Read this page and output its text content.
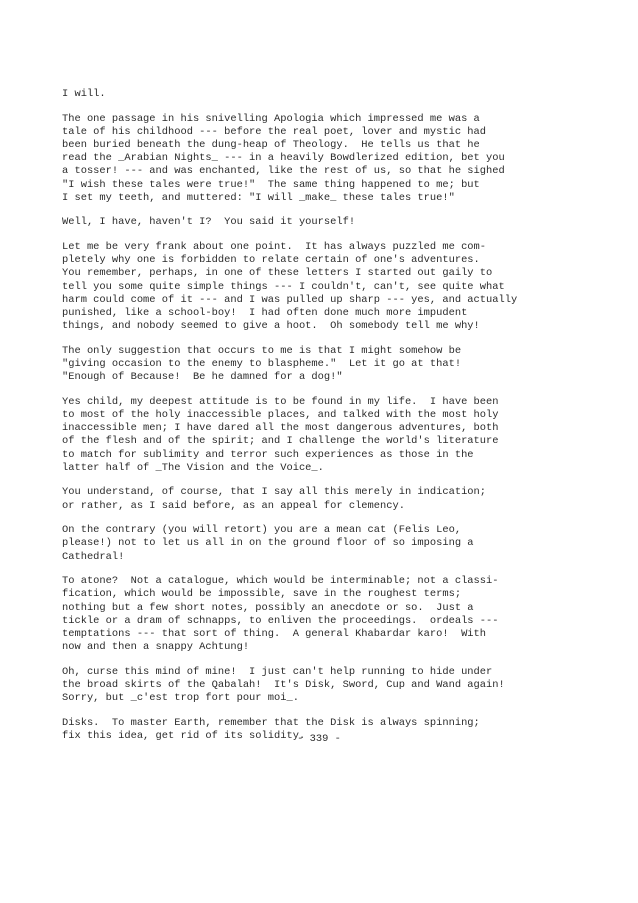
I will.
The one passage in his snivelling Apologia which impressed me was a
tale of his childhood --- before the real poet, lover and mystic had
been buried beneath the dung-heap of Theology.  He tells us that he
read the _Arabian Nights_ --- in a heavily Bowdlerized edition, bet you
a tosser! --- and was enchanted, like the rest of us, so that he sighed
"I wish these tales were true!"  The same thing happened to me; but
I set my teeth, and muttered: "I will _make_ these tales true!"
Well, I have, haven't I?  You said it yourself!
Let me be very frank about one point.  It has always puzzled me com-
pletely why one is forbidden to relate certain of one's adventures.
You remember, perhaps, in one of these letters I started out gaily to
tell you some quite simple things --- I couldn't, can't, see quite what
harm could come of it --- and I was pulled up sharp --- yes, and actually
punished, like a school-boy!  I had often done much more impudent
things, and nobody seemed to give a hoot.  Oh somebody tell me why!
The only suggestion that occurs to me is that I might somehow be
"giving occasion to the enemy to blaspheme."  Let it go at that!
"Enough of Because!  Be he damned for a dog!"
Yes child, my deepest attitude is to be found in my life.  I have been
to most of the holy inaccessible places, and talked with the most holy
inaccessible men; I have dared all the most dangerous adventures, both
of the flesh and of the spirit; and I challenge the world's literature
to match for sublimity and terror such experiences as those in the
latter half of _The Vision and the Voice_.
You understand, of course, that I say all this merely in indication;
or rather, as I said before, as an appeal for clemency.
On the contrary (you will retort) you are a mean cat (Felis Leo,
please!) not to let us all in on the ground floor of so imposing a
Cathedral!
To atone?  Not a catalogue, which would be interminable; not a classi-
fication, which would be impossible, save in the roughest terms;
nothing but a few short notes, possibly an anecdote or so.  Just a
tickle or a dram of schnapps, to enliven the proceedings.  ordeals ---
temptations --- that sort of thing.  A general Khabardar karo!  With
now and then a snappy Achtung!
Oh, curse this mind of mine!  I just can't help running to hide under
the broad skirts of the Qabalah!  It's Disk, Sword, Cup and Wand again!
Sorry, but _c'est trop fort pour moi_.
Disks.  To master Earth, remember that the Disk is always spinning;
fix this idea, get rid of its solidity.
- 339 -
